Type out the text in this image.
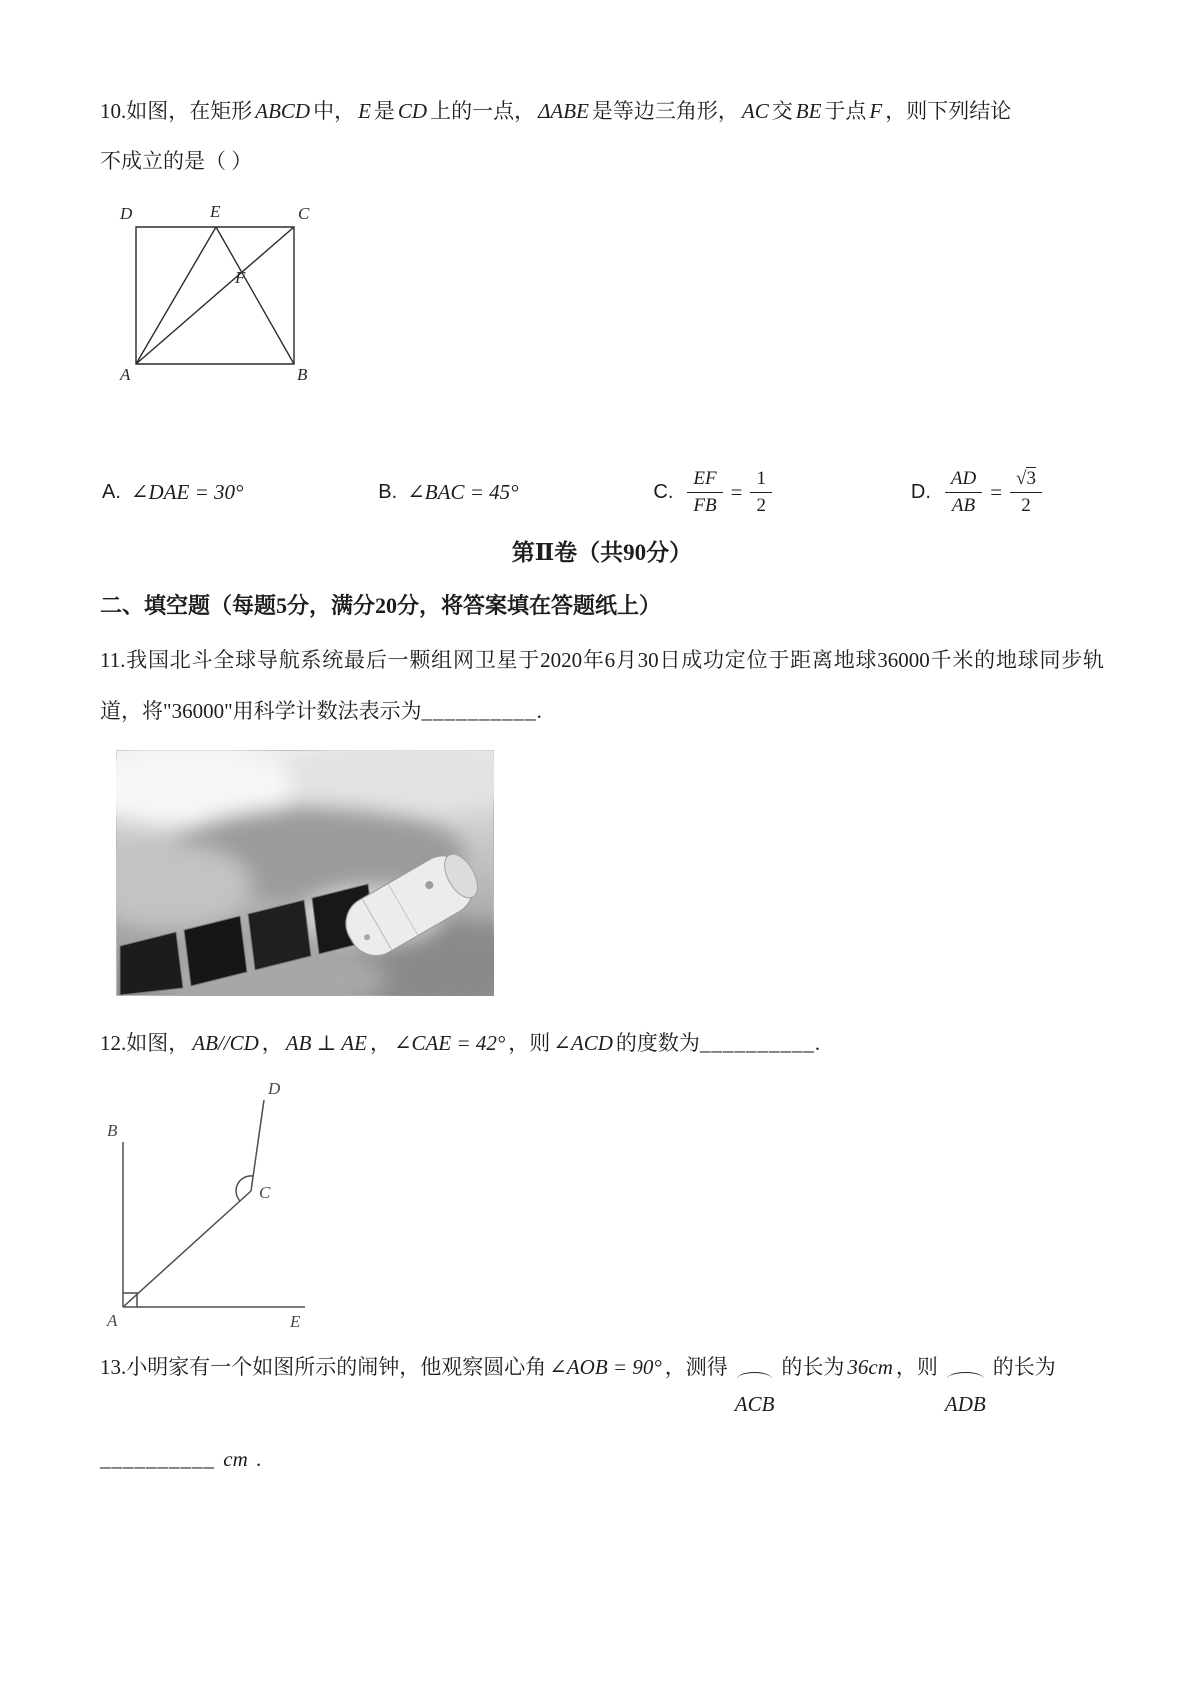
10.如图，在矩形 ABCD 中， E 是 CD 上的一点， ΔABE 是等边三角形， AC 交 BE 于点 F ，则下列结论
不成立的是（ ）
D	E	C
F
A	B
A. ∠DAE = 30°	B. ∠BAC = 45°	C. $\frac{EF}{FB} = \frac{1}{2}$	D. $\frac{AD}{AB} = \frac{√3}{2}$
第Ⅱ卷（共90分）
二、填空题（每题5分，满分20分，将答案填在答题纸上）
11.我国北斗全球导航系统最后一颗组网卫星于2020年6月30日成功定位于距离地球36000千米的地球同步轨道，将"36000"用科学计数法表示为__________.
12.如图， AB//CD ， AB ⊥ AE ， ∠CAE = 42° ，则 ∠ACD 的度数为__________.
B
D
C
A	E
13.小明家有一个如图所示的闹钟，他观察圆心角 ∠AOB = 90° ，测得
ACB
的长为 36cm ，则
ADB
的长为
__________ cm .
